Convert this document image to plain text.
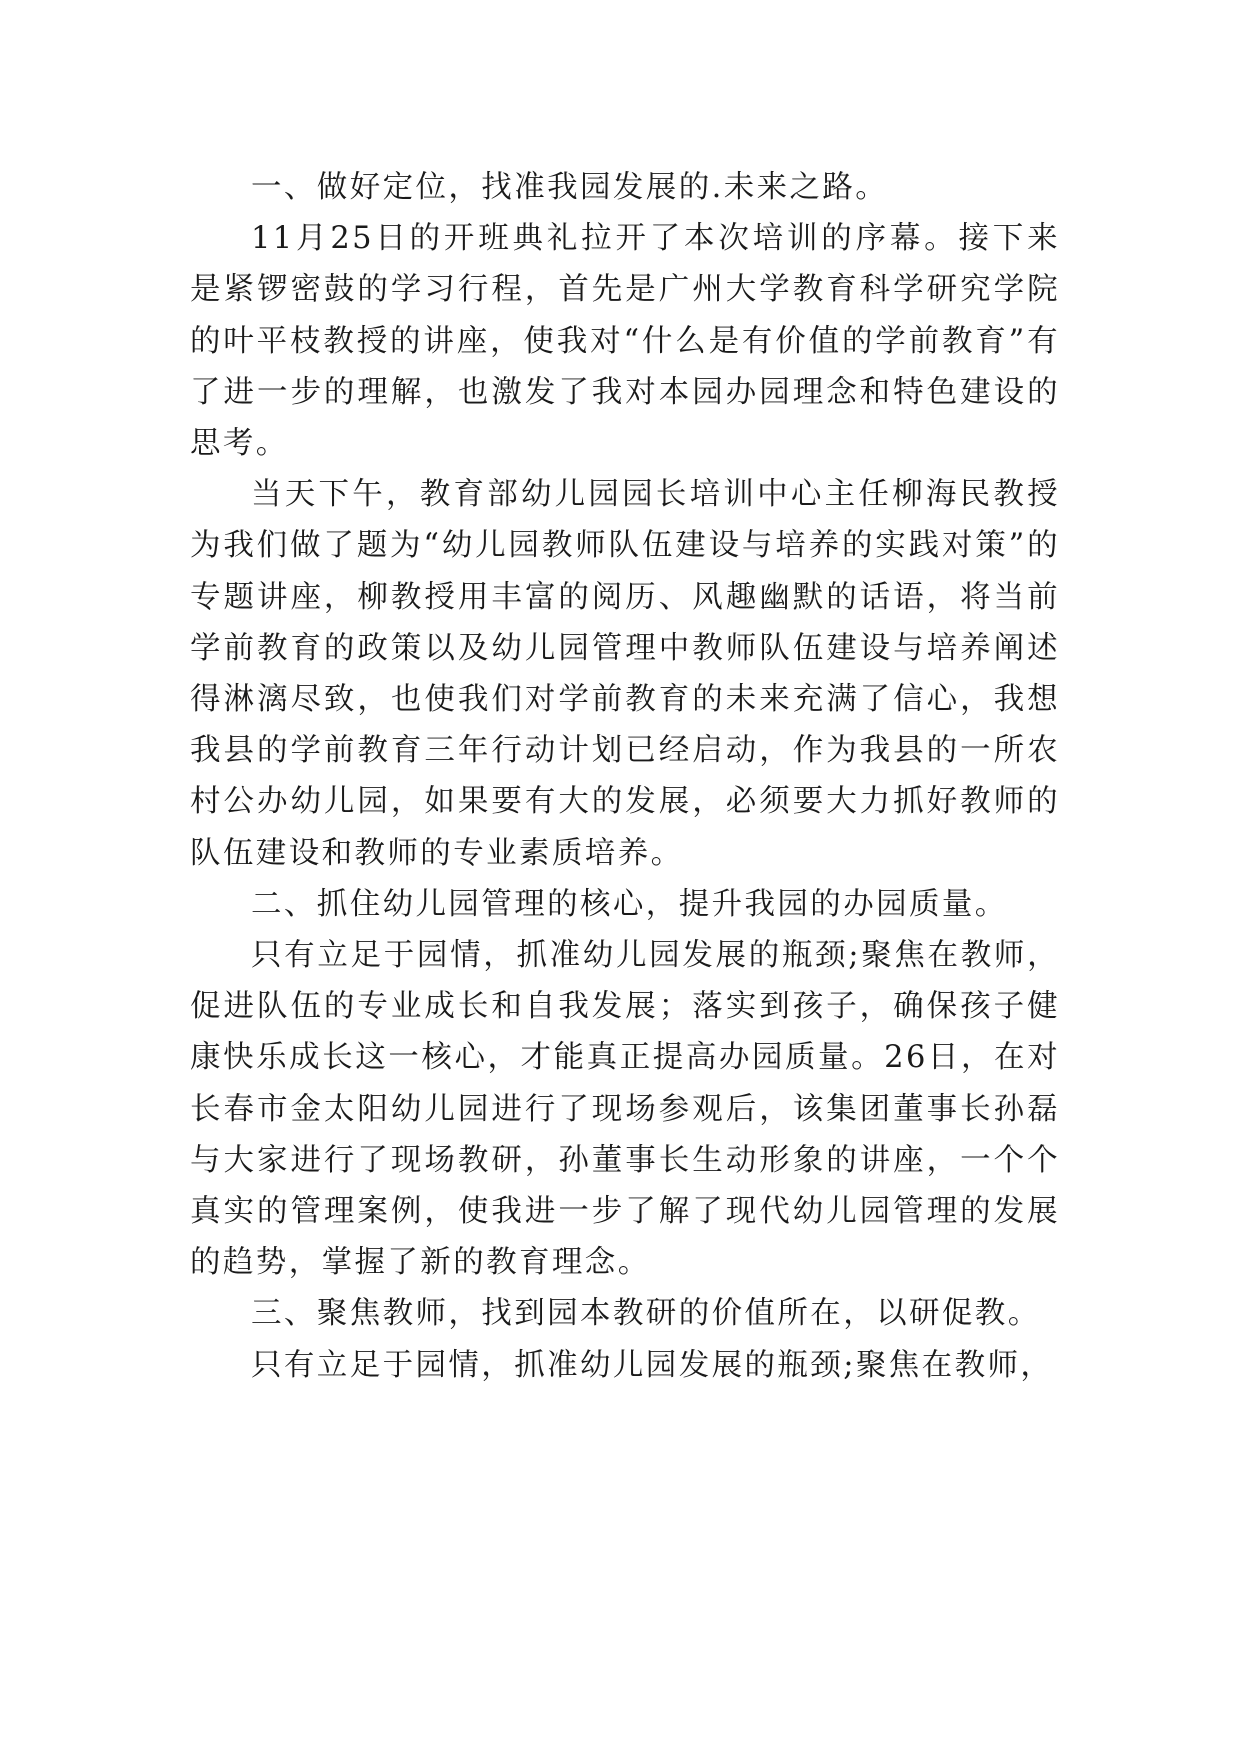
一、做好定位，找准我园发展的.未来之路。

11月25日的开班典礼拉开了本次培训的序幕。接下来是紧锣密鼓的学习行程，首先是广州大学教育科学研究学院的叶平枝教授的讲座，使我对“什么是有价值的学前教育”有了进一步的理解，也激发了我对本园办园理念和特色建设的思考。

当天下午，教育部幼儿园园长培训中心主任柳海民教授为我们做了题为“幼儿园教师队伍建设与培养的实践对策”的专题讲座，柳教授用丰富的阅历、风趣幽默的话语，将当前学前教育的政策以及幼儿园管理中教师队伍建设与培养阐述得淋漓尽致，也使我们对学前教育的未来充满了信心，我想我县的学前教育三年行动计划已经启动，作为我县的一所农村公办幼儿园，如果要有大的发展，必须要大力抓好教师的队伍建设和教师的专业素质培养。

二、抓住幼儿园管理的核心，提升我园的办园质量。

只有立足于园情，抓准幼儿园发展的瓶颈;聚焦在教师，促进队伍的专业成长和自我发展；落实到孩子，确保孩子健康快乐成长这一核心，才能真正提高办园质量。26日，在对长春市金太阳幼儿园进行了现场参观后，该集团董事长孙磊与大家进行了现场教研，孙董事长生动形象的讲座，一个个真实的管理案例，使我进一步了解了现代幼儿园管理的发展的趋势，掌握了新的教育理念。

三、聚焦教师，找到园本教研的价值所在，以研促教。

只有立足于园情，抓准幼儿园发展的瓶颈;聚焦在教师，
